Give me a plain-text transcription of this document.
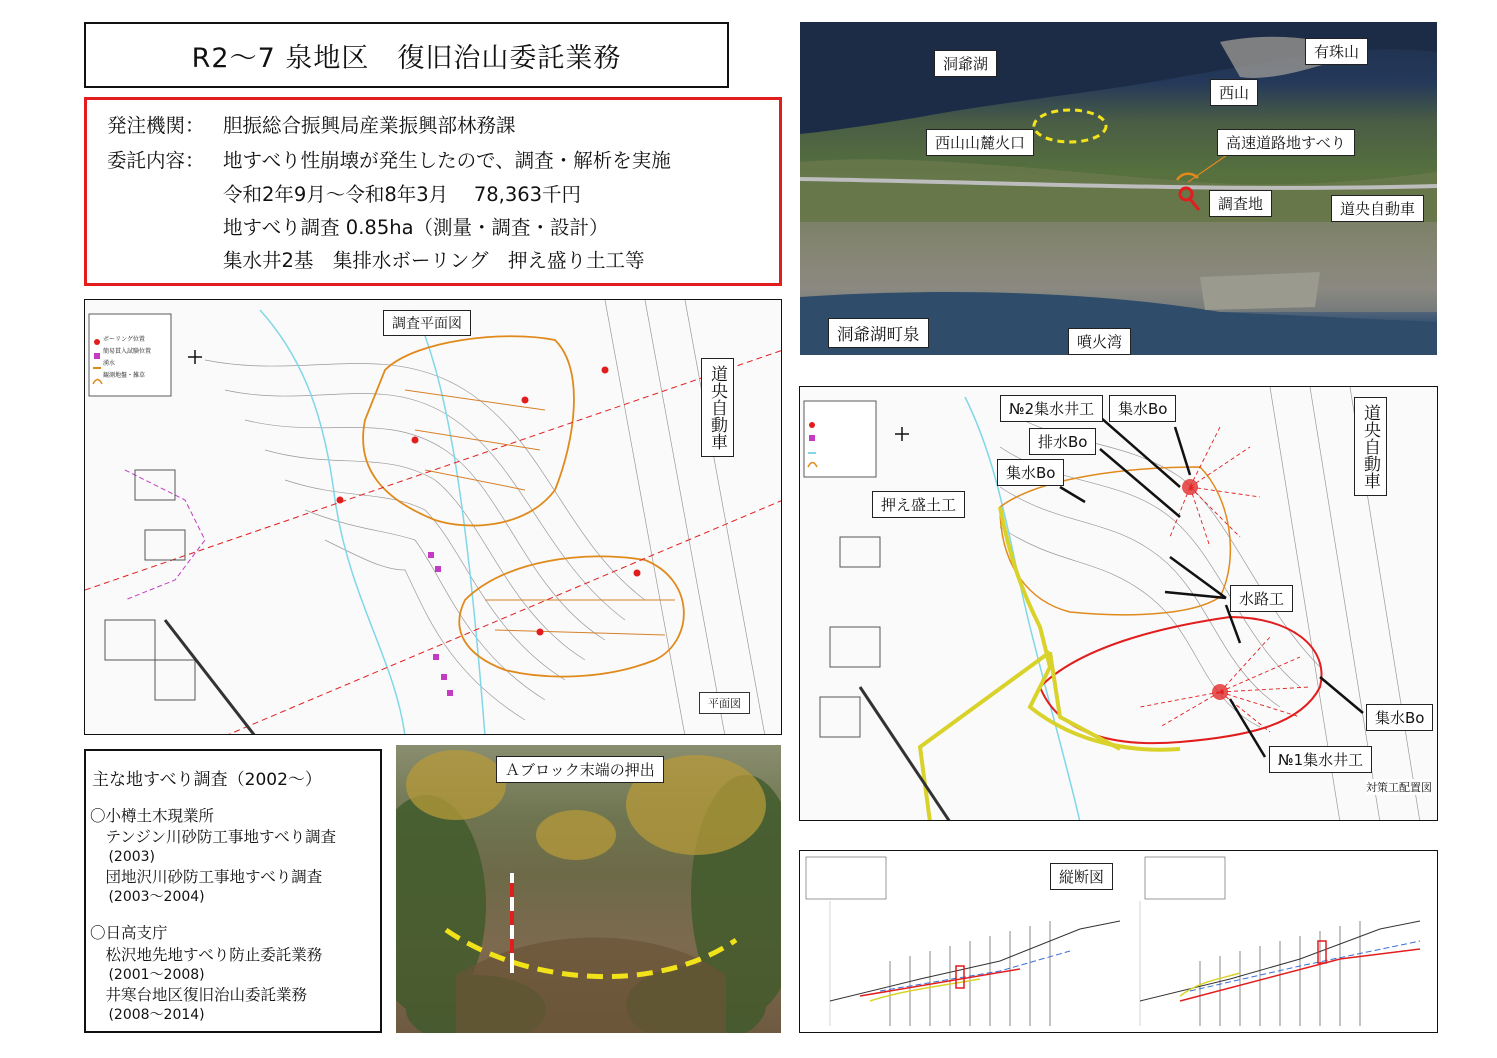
R2〜7 泉地区　復旧治山委託業務
発注機関： 胆振総合振興局産業振興部林務課
委託内容： 地すべり性崩壊が発生したので、調査・解析を実施
令和2年9月〜令和8年3月　 78,363千円
地すべり調査 0.85ha（測量・調査・設計）
集水井2基　集排水ボーリング　押え盛り土工等
洞爺湖
有珠山
西山
西山山麓火口	高速道路地すべり
調査地	道央自動車
洞爺湖町泉	噴火湾
調査平面図
道央自動車
平面図
ボーリング位置
簡易貫入試験位置
湧水
観測地盤・雑草
№2集水井工	集水Bo
排水Bo
集水Bo
押え盛土工
水路工
集水Bo
№1集水井工
道央自動車
対策工配置図
主な地すべり調査（2002〜）
〇小樽土木現業所
　テンジン川砂防工事地すべり調査
　 (2003)
　団地沢川砂防工事地すべり調査
　 (2003〜2004)
〇日高支庁
　松沢地先地すべり防止委託業務
　 (2001〜2008)
　井寒台地区復旧治山委託業務
　 (2008〜2014)
Ａブロック末端の押出
縦断図
